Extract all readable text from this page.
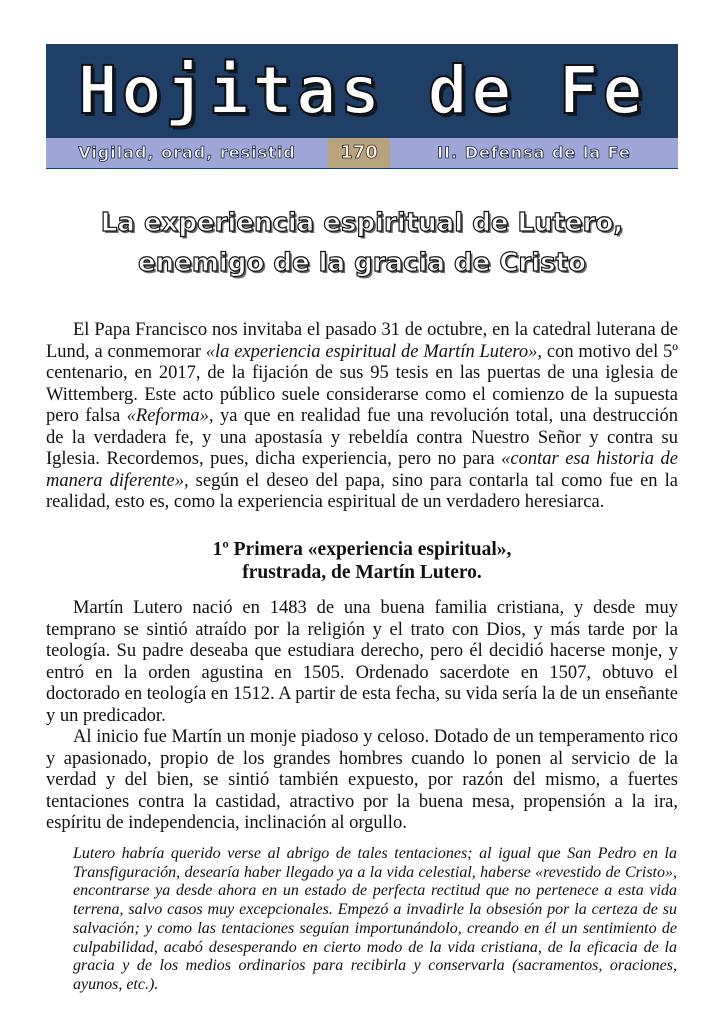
Hojitas de Fe
Vigilad, orad, resistid	170	II. Defensa de la Fe
La experiencia espiritual de Lutero,
enemigo de la gracia de Cristo

El Papa Francisco nos invitaba el pasado 31 de octubre, en la catedral luterana de Lund, a conmemorar «la experiencia espiritual de Martín Lutero», con motivo del 5º centenario, en 2017, de la fijación de sus 95 tesis en las puertas de una iglesia de Wittemberg. Este acto público suele considerarse como el comienzo de la supuesta pero falsa «Reforma», ya que en realidad fue una revolución total, una destrucción de la verdadera fe, y una apostasía y rebeldía contra Nuestro Señor y contra su Iglesia. Recordemos, pues, dicha experiencia, pero no para «contar esa historia de manera diferente», según el deseo del papa, sino para contarla tal como fue en la realidad, esto es, como la experiencia espiritual de un verdadero heresiarca.

1º Primera «experiencia espiritual»,
frustrada, de Martín Lutero.

Martín Lutero nació en 1483 de una buena familia cristiana, y desde muy temprano se sintió atraído por la religión y el trato con Dios, y más tarde por la teología. Su padre deseaba que estudiara derecho, pero él decidió hacerse monje, y entró en la orden agustina en 1505. Ordenado sacerdote en 1507, obtuvo el doctorado en teología en 1512. A partir de esta fecha, su vida sería la de un enseñante y un predicador.

Al inicio fue Martín un monje piadoso y celoso. Dotado de un temperamento rico y apasionado, propio de los grandes hombres cuando lo ponen al servicio de la verdad y del bien, se sintió también expuesto, por razón del mismo, a fuertes tentaciones contra la castidad, atractivo por la buena mesa, propensión a la ira, espíritu de independencia, inclinación al orgullo.

Lutero habría querido verse al abrigo de tales tentaciones; al igual que San Pedro en la Transfiguración, desearía haber llegado ya a la vida celestial, haberse «revestido de Cristo», encontrarse ya desde ahora en un estado de perfecta rectitud que no pertenece a esta vida terrena, salvo casos muy excepcionales. Empezó a invadirle la obsesión por la certeza de su salvación; y como las tentaciones seguían importunándolo, creando en él un sentimiento de culpabilidad, acabó desesperando en cierto modo de la vida cristiana, de la eficacia de la gracia y de los medios ordinarios para recibirla y conservarla (sacramentos, oraciones, ayunos, etc.).
